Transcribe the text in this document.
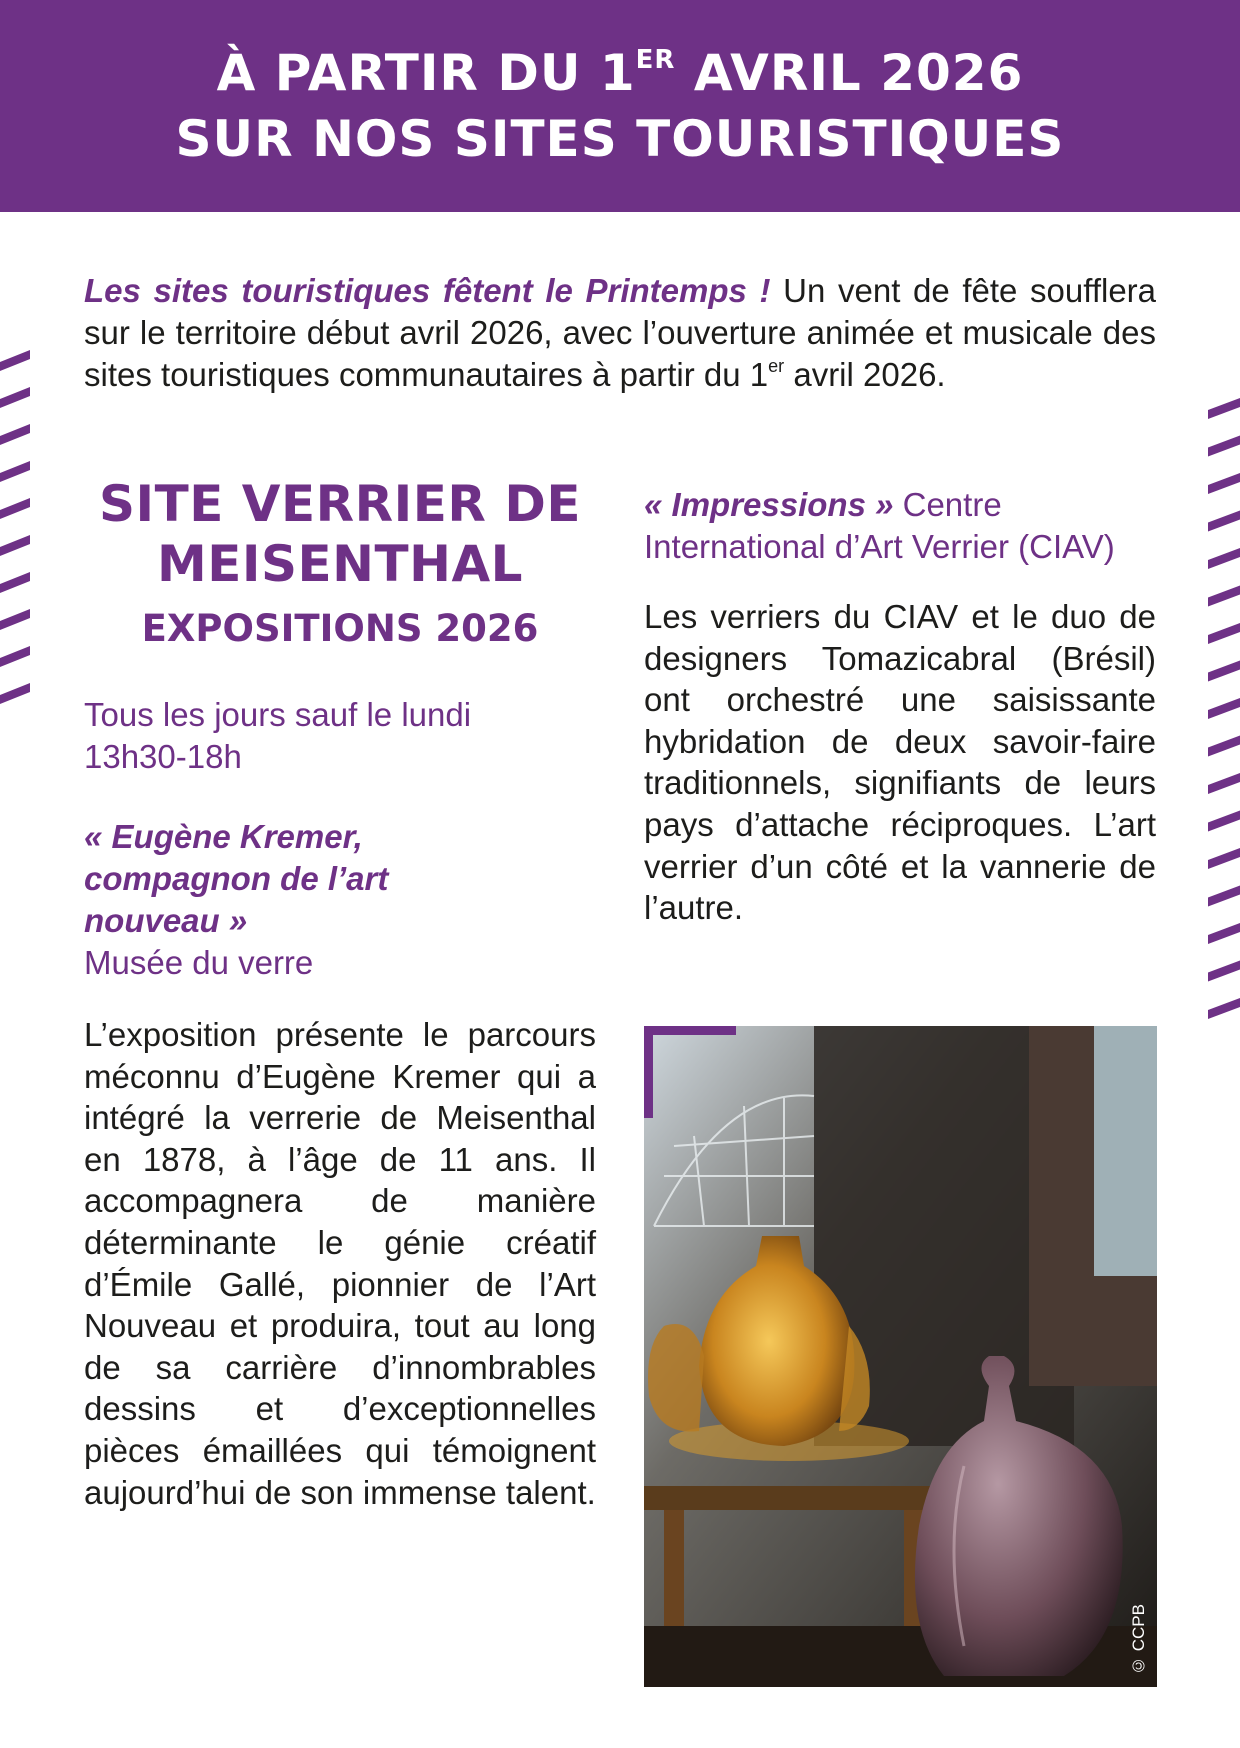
À PARTIR DU 1ER AVRIL 2026
SUR NOS SITES TOURISTIQUES

Les sites touristiques fêtent le Printemps ! Un vent de fête soufflera sur le territoire début avril 2026, avec l’ouverture animée et musicale des sites touristiques communautaires à partir du 1er avril 2026.

SITE VERRIER DE
MEISENTHAL
EXPOSITIONS 2026
Tous les jours sauf le lundi
13h30-18h
« Eugène Kremer, compagnon de l’art nouveau »
Musée du verre

L’exposition présente le parcours méconnu d’Eugène Kremer qui a intégré la verrerie de Meisenthal en 1878, à l’âge de 11 ans. Il accompagnera de manière déterminante le génie créatif d’Émile Gallé, pionnier de l’Art Nouveau et produira, tout au long de sa carrière d’innombrables dessins et d’exceptionnelles pièces émaillées qui témoignent aujourd’hui de son immense talent.

« Impressions » Centre International d’Art Verrier (CIAV)

Les verriers du CIAV et le duo de designers Tomazicabral (Brésil) ont orchestré une saisissante hybridation de deux savoir-faire traditionnels, signifiants de leurs pays d’attache réciproques. L’art verrier d’un côté et la vannerie de l’autre.

© CCPB
